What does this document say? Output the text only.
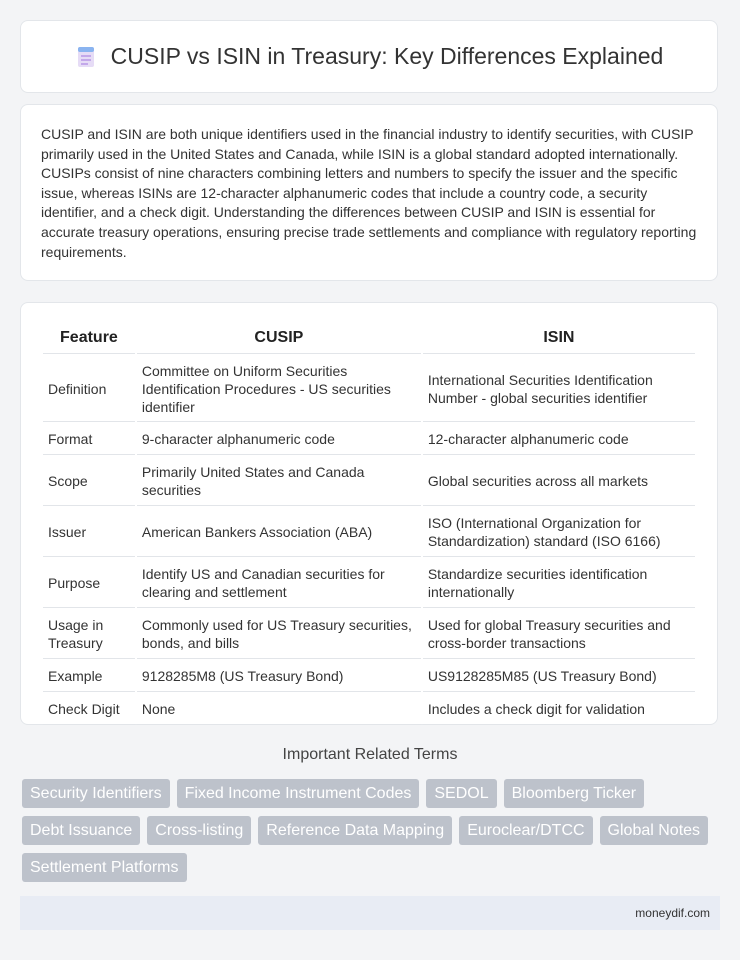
CUSIP vs ISIN in Treasury: Key Differences Explained

CUSIP and ISIN are both unique identifiers used in the financial industry to identify securities, with CUSIP primarily used in the United States and Canada, while ISIN is a global standard adopted internationally. CUSIPs consist of nine characters combining letters and numbers to specify the issuer and the specific issue, whereas ISINs are 12-character alphanumeric codes that include a country code, a security identifier, and a check digit. Understanding the differences between CUSIP and ISIN is essential for accurate treasury operations, ensuring precise trade settlements and compliance with regulatory reporting requirements.

Feature	CUSIP	ISIN
Definition	Committee on Uniform Securities Identification Procedures - US securities identifier	International Securities Identification Number - global securities identifier
Format	9-character alphanumeric code	12-character alphanumeric code
Scope	Primarily United States and Canada securities	Global securities across all markets
Issuer	American Bankers Association (ABA)	ISO (International Organization for Standardization) standard (ISO 6166)
Purpose	Identify US and Canadian securities for clearing and settlement	Standardize securities identification internationally
Usage in Treasury	Commonly used for US Treasury securities, bonds, and bills	Used for global Treasury securities and cross-border transactions
Example	9128285M8 (US Treasury Bond)	US9128285M85 (US Treasury Bond)
Check Digit	None	Includes a check digit for validation
Important Related Terms
Security Identifiers	Fixed Income Instrument Codes	SEDOL	Bloomberg Ticker
Debt Issuance	Cross-listing	Reference Data Mapping	Euroclear/DTCC	Global Notes
Settlement Platforms
moneydif.com
